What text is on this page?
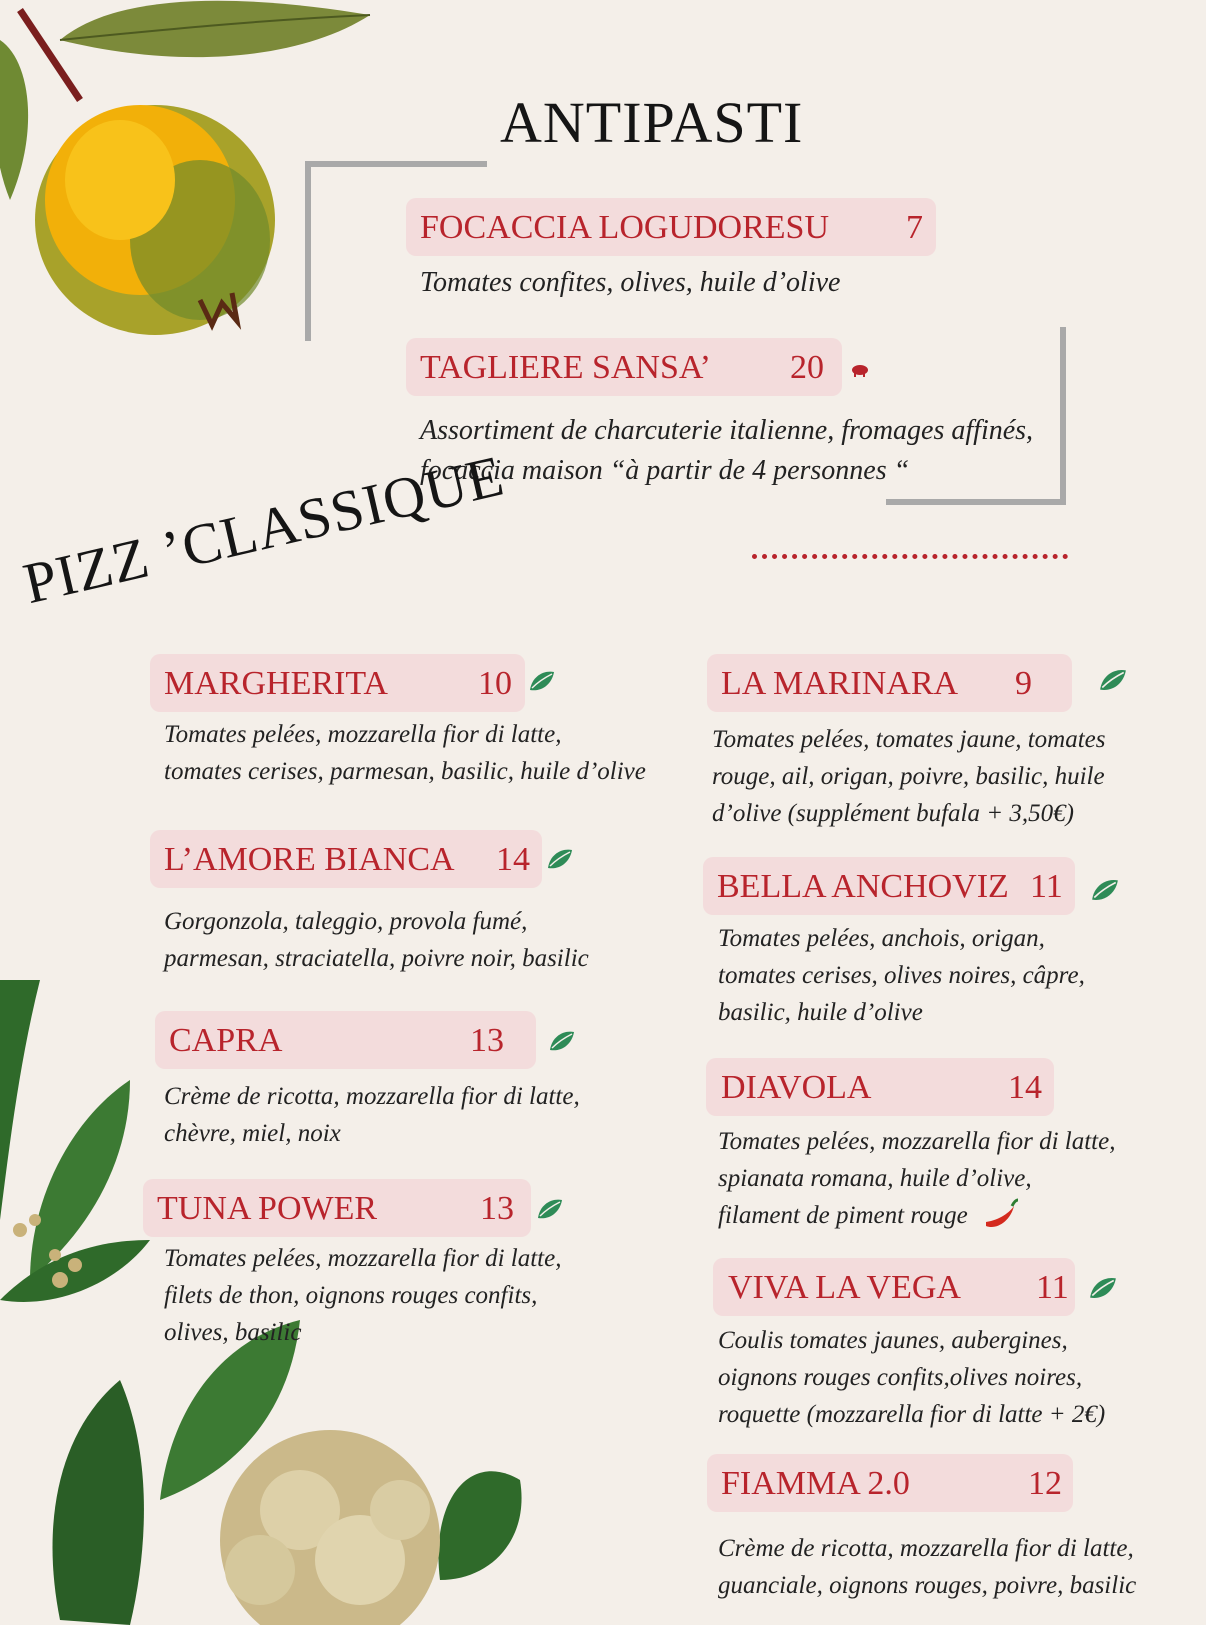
ANTIPASTI
FOCACCIA LOGUDORESU 7
Tomates confites, olives, huile d’olive
TAGLIERE SANSA’ 20
Assortiment de charcuterie italienne, fromages affinés,
focaccia maison “à partir de 4 personnes “
PIZZ ’CLASSIQUE
MARGHERITA	10
Tomates pelées, mozzarella fior di latte,
tomates cerises, parmesan, basilic, huile d’olive
L’AMORE BIANCA 14
Gorgonzola, taleggio, provola fumé,
parmesan, straciatella, poivre noir, basilic
CAPRA	13
Crème de ricotta, mozzarella fior di latte,
chèvre, miel, noix
TUNA POWER	13
Tomates pelées, mozzarella fior di latte,
filets de thon, oignons rouges confits,
olives, basilic
LA MARINARA 9
Tomates pelées, tomates jaune, tomates
rouge, ail, origan, poivre, basilic, huile
d’olive (supplément bufala + 3,50€)
BELLA ANCHOVIZ 11
Tomates pelées, anchois, origan,
tomates cerises, olives noires, câpre,
basilic, huile d’olive
DIAVOLA	14
Tomates pelées, mozzarella fior di latte,
spianata romana, huile d’olive,
filament de piment rouge
VIVA LA VEGA 11
Coulis tomates jaunes, aubergines,
oignons rouges confits,olives noires,
roquette (mozzarella fior di latte + 2€)
FIAMMA 2.0	12
Crème de ricotta, mozzarella fior di latte,
guanciale, oignons rouges, poivre, basilic
